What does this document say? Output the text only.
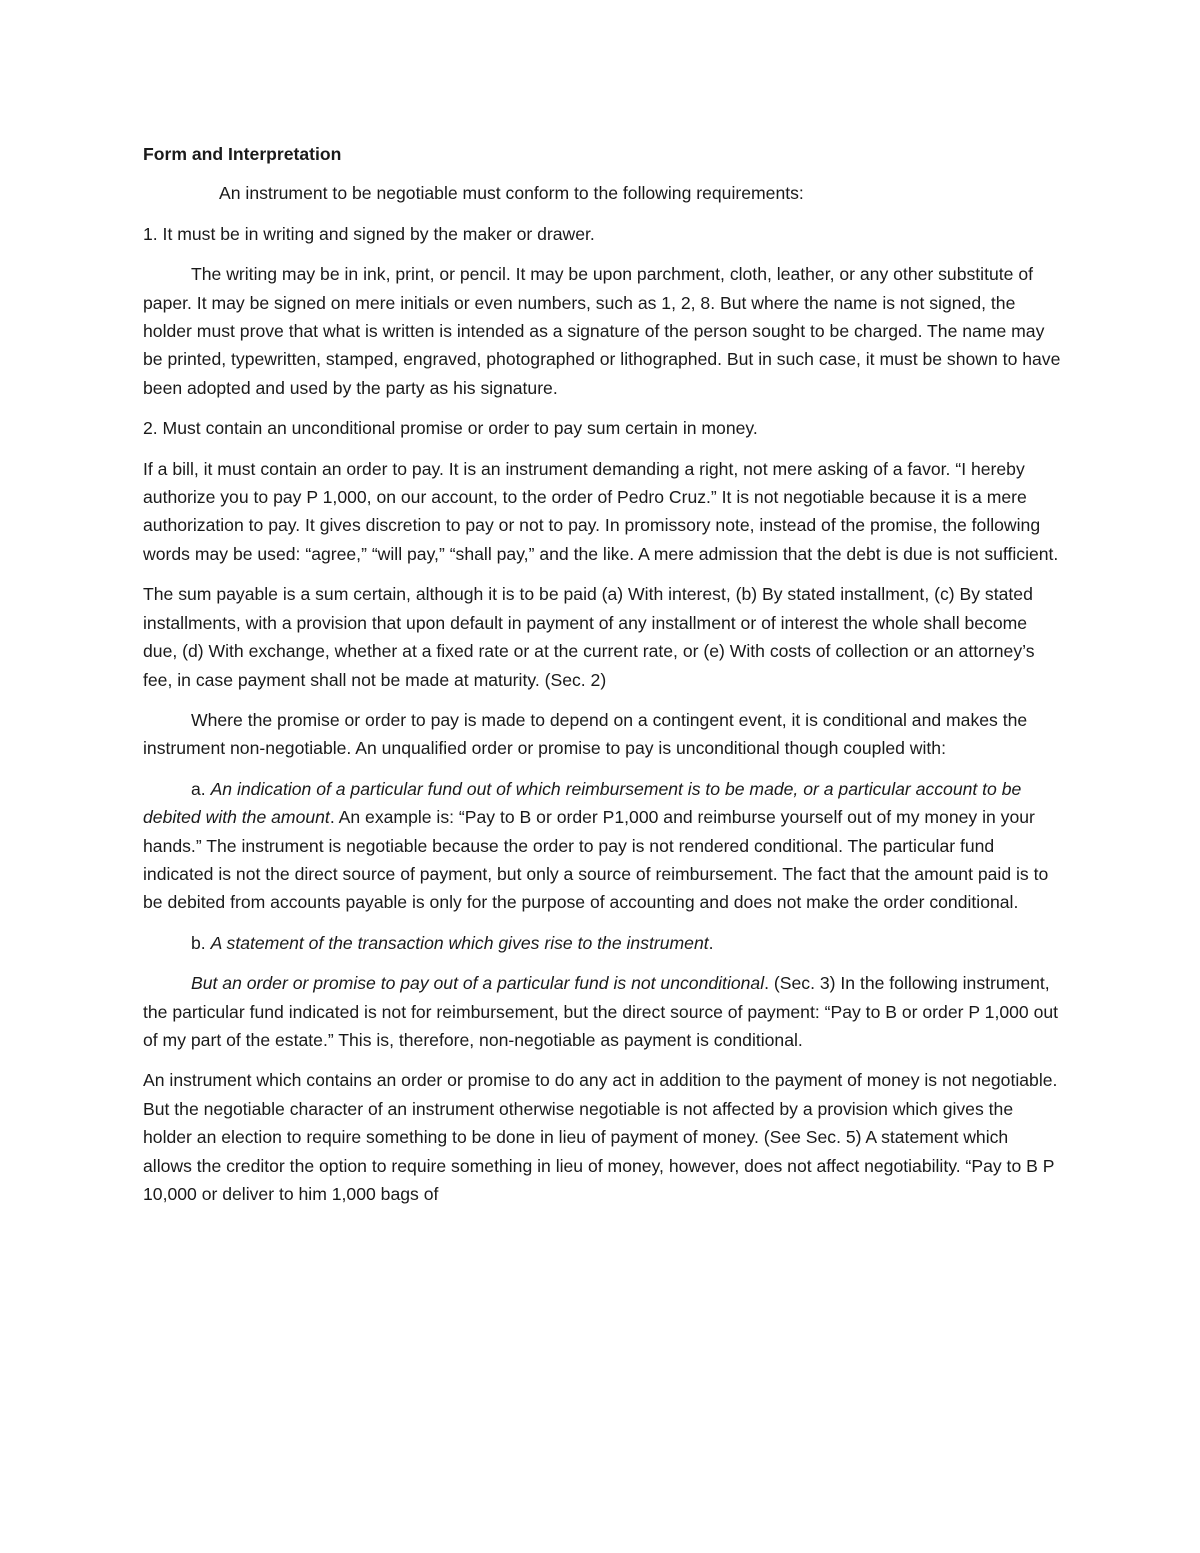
Form and Interpretation

An instrument to be negotiable must conform to the following requirements:

1. It must be in writing and signed by the maker or drawer.

The writing may be in ink, print, or pencil. It may be upon parchment, cloth, leather, or any other substitute of paper. It may be signed on mere initials or even numbers, such as 1, 2, 8. But where the name is not signed, the holder must prove that what is written is intended as a signature of the person sought to be charged. The name may be printed, typewritten, stamped, engraved, photographed or lithographed. But in such case, it must be shown to have been adopted and used by the party as his signature.

2. Must contain an unconditional promise or order to pay sum certain in money.

If a bill, it must contain an order to pay. It is an instrument demanding a right, not mere asking of a favor. “I hereby authorize you to pay P 1,000, on our account, to the order of Pedro Cruz.” It is not negotiable because it is a mere authorization to pay. It gives discretion to pay or not to pay. In promissory note, instead of the promise, the following words may be used: “agree,” “will pay,” “shall pay,” and the like. A mere admission that the debt is due is not sufficient.

The sum payable is a sum certain, although it is to be paid (a) With interest, (b) By stated installment, (c) By stated installments, with a provision that upon default in payment of any installment or of interest the whole shall become due, (d) With exchange, whether at a fixed rate or at the current rate, or (e) With costs of collection or an attorney’s fee, in case payment shall not be made at maturity. (Sec. 2)

Where the promise or order to pay is made to depend on a contingent event, it is conditional and makes the instrument non-negotiable. An unqualified order or promise to pay is unconditional though coupled with:

a. An indication of a particular fund out of which reimbursement is to be made, or a particular account to be debited with the amount. An example is: “Pay to B or order P1,000 and reimburse yourself out of my money in your hands.” The instrument is negotiable because the order to pay is not rendered conditional. The particular fund indicated is not the direct source of payment, but only a source of reimbursement. The fact that the amount paid is to be debited from accounts payable is only for the purpose of accounting and does not make the order conditional.

b. A statement of the transaction which gives rise to the instrument.

But an order or promise to pay out of a particular fund is not unconditional. (Sec. 3) In the following instrument, the particular fund indicated is not for reimbursement, but the direct source of payment: “Pay to B or order P 1,000 out of my part of the estate.” This is, therefore, non-negotiable as payment is conditional.

An instrument which contains an order or promise to do any act in addition to the payment of money is not negotiable. But the negotiable character of an instrument otherwise negotiable is not affected by a provision which gives the holder an election to require something to be done in lieu of payment of money. (See Sec. 5) A statement which allows the creditor the option to require something in lieu of money, however, does not affect negotiability. “Pay to B P 10,000 or deliver to him 1,000 bags of
